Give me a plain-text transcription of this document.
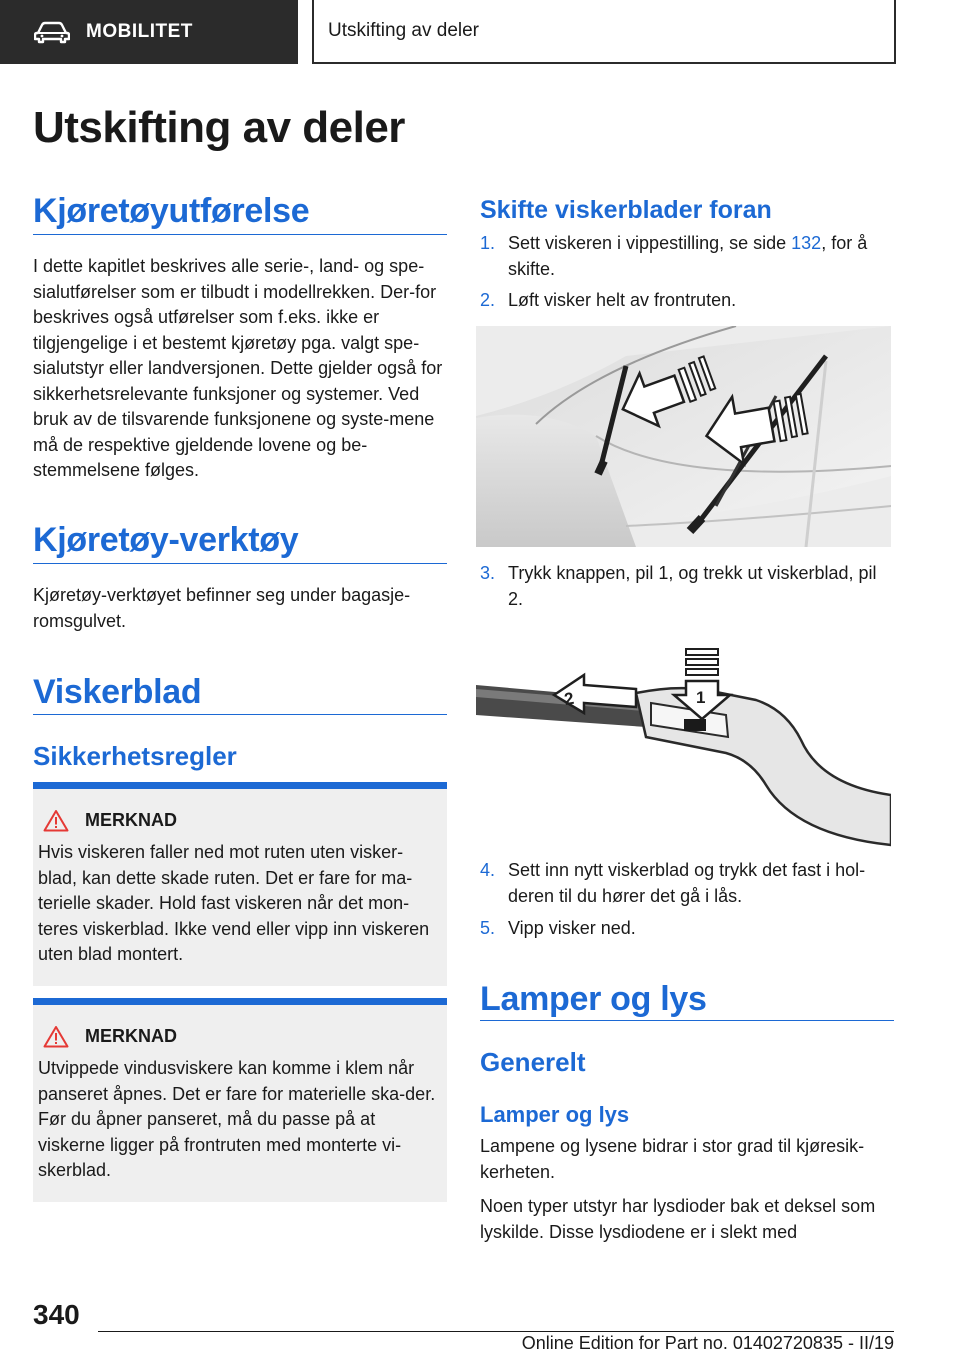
MOBILITET	Utskifting av deler
Utskifting av deler
Kjøretøyutførelse
I dette kapitlet beskrives alle serie-, land- og spe-sialutførelser som er tilbudt i modellrekken. Der-for beskrives også utførelser som f.eks. ikke er tilgjengelige i et bestemt kjøretøy pga. valgt spe-sialutstyr eller landversjonen. Dette gjelder også for sikkerhetsrelevante funksjoner og systemer. Ved bruk av de tilsvarende funksjonene og syste-mene må de respektive gjeldende lovene og be-stemmelsene følges.
Kjøretøy-verktøy
Kjøretøy-verktøyet befinner seg under bagasje-romsgulvet.
Viskerblad
Sikkerhetsregler
MERKNAD
Hvis viskeren faller ned mot ruten uten visker-blad, kan dette skade ruten. Det er fare for ma-terielle skader. Hold fast viskeren når det mon-teres viskerblad. Ikke vend eller vipp inn viskeren uten blad montert.
MERKNAD
Utvippede vindusviskere kan komme i klem når panseret åpnes. Det er fare for materielle ska-der. Før du åpner panseret, må du passe på at viskerne ligger på frontruten med monterte vi-skerblad.
Skifte viskerblader foran
1. Sett viskeren i vippestilling, se side 132, for å skifte.
2. Løft visker helt av frontruten.
3. Trykk knappen, pil 1, og trekk ut viskerblad, pil 2.
2	1
4. Sett inn nytt viskerblad og trykk det fast i hol-deren til du hører det gå i lås.
5. Vipp visker ned.
Lamper og lys
Generelt
Lamper og lys
Lampene og lysene bidrar i stor grad til kjøresik-kerheten.
Noen typer utstyr har lysdioder bak et deksel som lyskilde. Disse lysdiodene er i slekt med
340
Online Edition for Part no. 01402720835 - II/19
